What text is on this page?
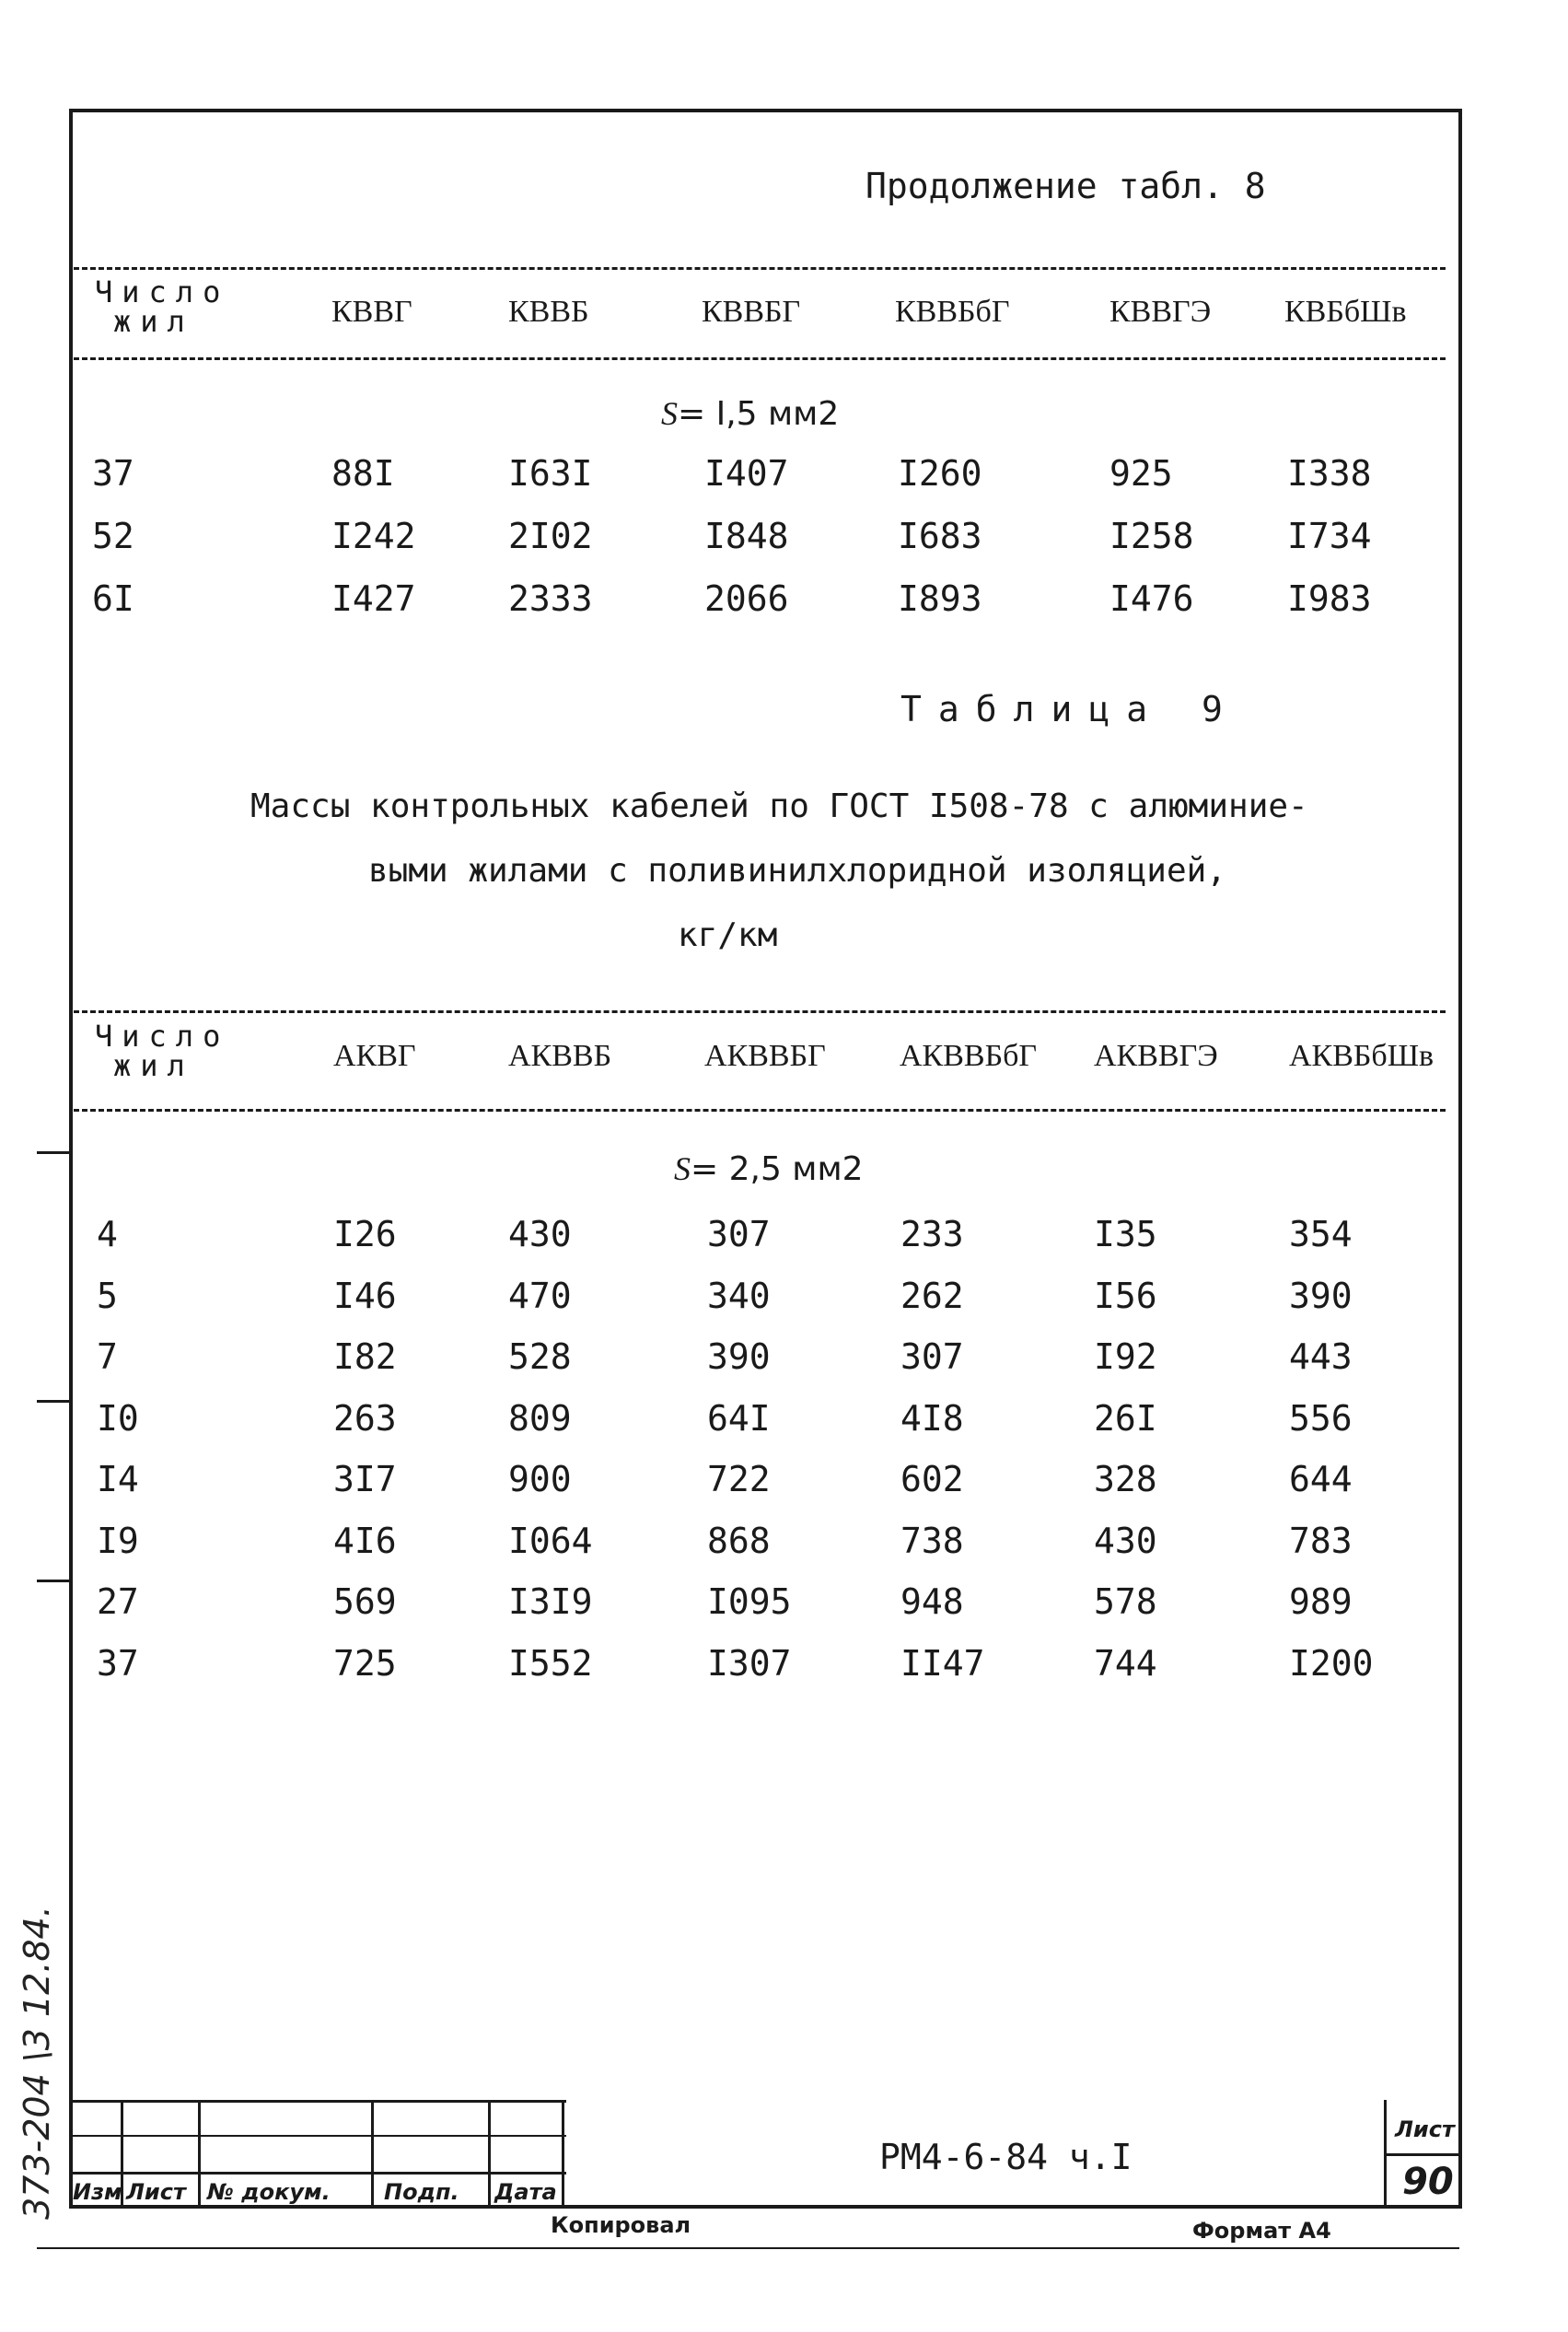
Продолжение табл. 8
Число
жил	КВВГ	КВВБ	КВВБГ	КВВБбГ	КВВГЭ КВБбШв
S= I,5 мм2
37	88I	I63I	I407	I260	925	I338
52	I242	2I02	I848	I683	I258	I734
6I	I427	2333	2066	I893	I476	I983
Таблица 9
Массы контрольных кабелей по ГОСТ I508-78 с алюминие-
выми жилами с поливинилхлоридной изоляцией,
кг/км
Число
жил	АКВГ	АКВВБ	АКВВБГ АКВВБбГ АКВВГЭ АКВБбШв
S= 2,5 мм2
4	I26	430	307	233	I35	354
5	I46	470	340	262	I56	390
7	I82	528	390	307	I92	443
I0	263	809	64I	4I8	26I	556
I4	3I7	900	722	602	328	644
I9	4I6	I064	868	738	430	783
27	569	I3I9	I095	948	578	989
37	725	I552	I307	II47	744	I200
Изм Лист № докум. Подп. Дата
РМ4-6-84 ч.I
Лист
90
Копировал	Формат А4
373-204 \3 12.84.
